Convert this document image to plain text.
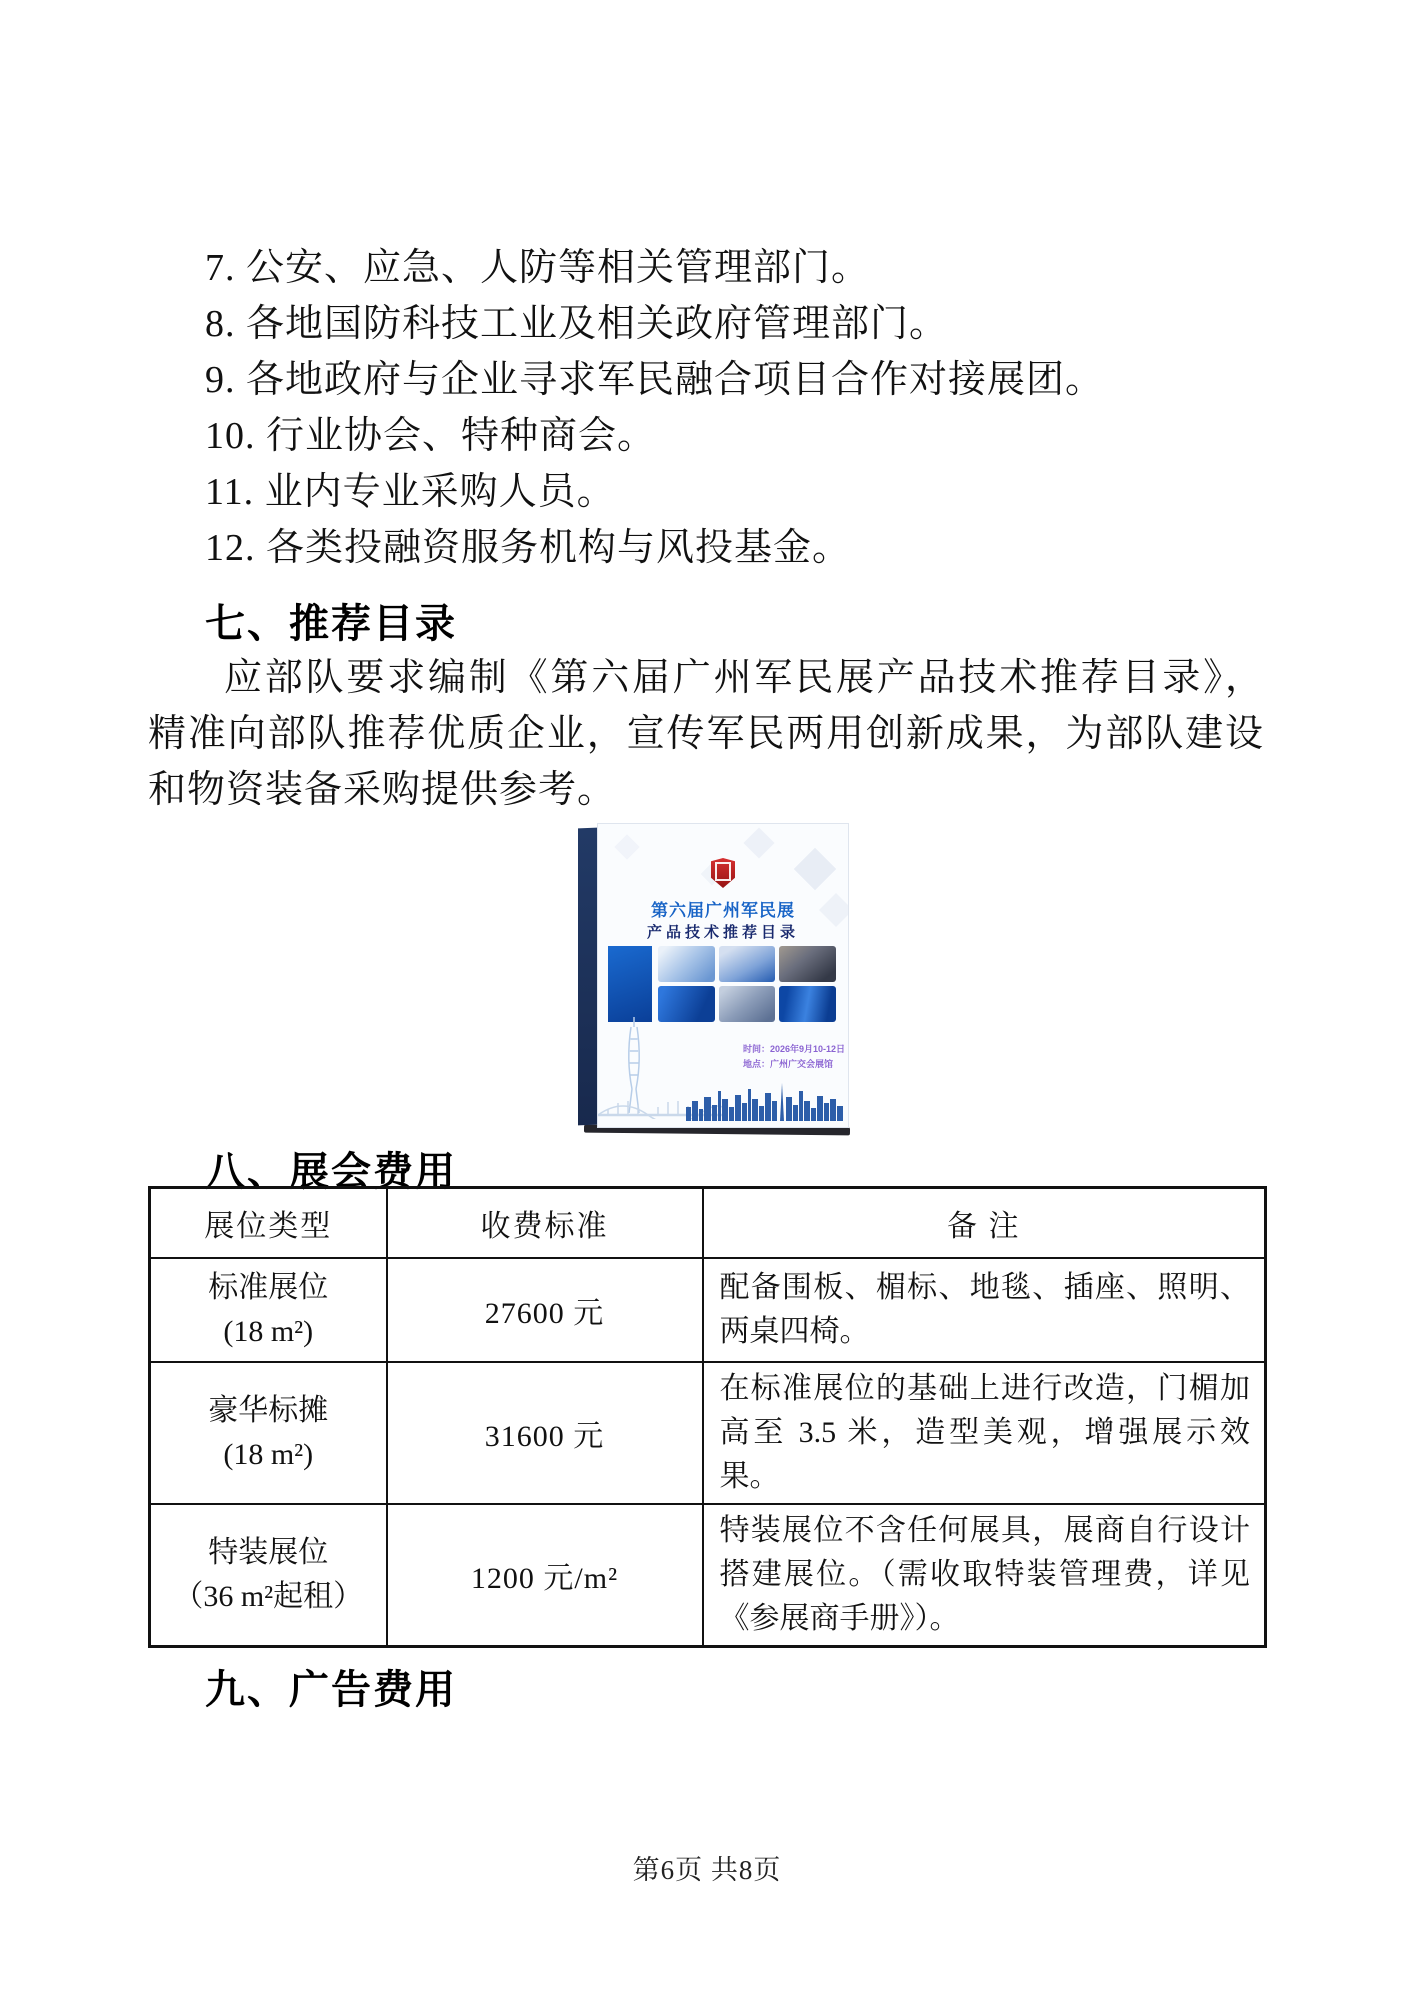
7. 公安、应急、人防等相关管理部门。
8. 各地国防科技工业及相关政府管理部门。
9. 各地政府与企业寻求军民融合项目合作对接展团。
10. 行业协会、特种商会。
11. 业内专业采购人员。
12. 各类投融资服务机构与风投基金。
七、推荐目录
应部队要求编制《第六届广州军民展产品技术推荐目录》，
精准向部队推荐优质企业，宣传军民两用创新成果，为部队建设
和物资装备采购提供参考。
第六届广州军民展
产品技术推荐目录
时间：2026年9月10-12日
地点：广州广交会展馆
八、展会费用
展位类型	收费标准	备 注

标准展位
(18 m²)	27600 元	配备围板、楣标、地毯、插座、照明、两桌四椅。

豪华标摊
(18 m²)	31600 元	在标准展位的基础上进行改造，门楣加高至 3.5 米，造型美观，增强展示效果。

特装展位
（36 m²起租）	1200 元/m²	特装展位不含任何展具，展商自行设计搭建展位。（需收取特装管理费，详见《参展商手册》）。
九、广告费用
第6页 共8页
